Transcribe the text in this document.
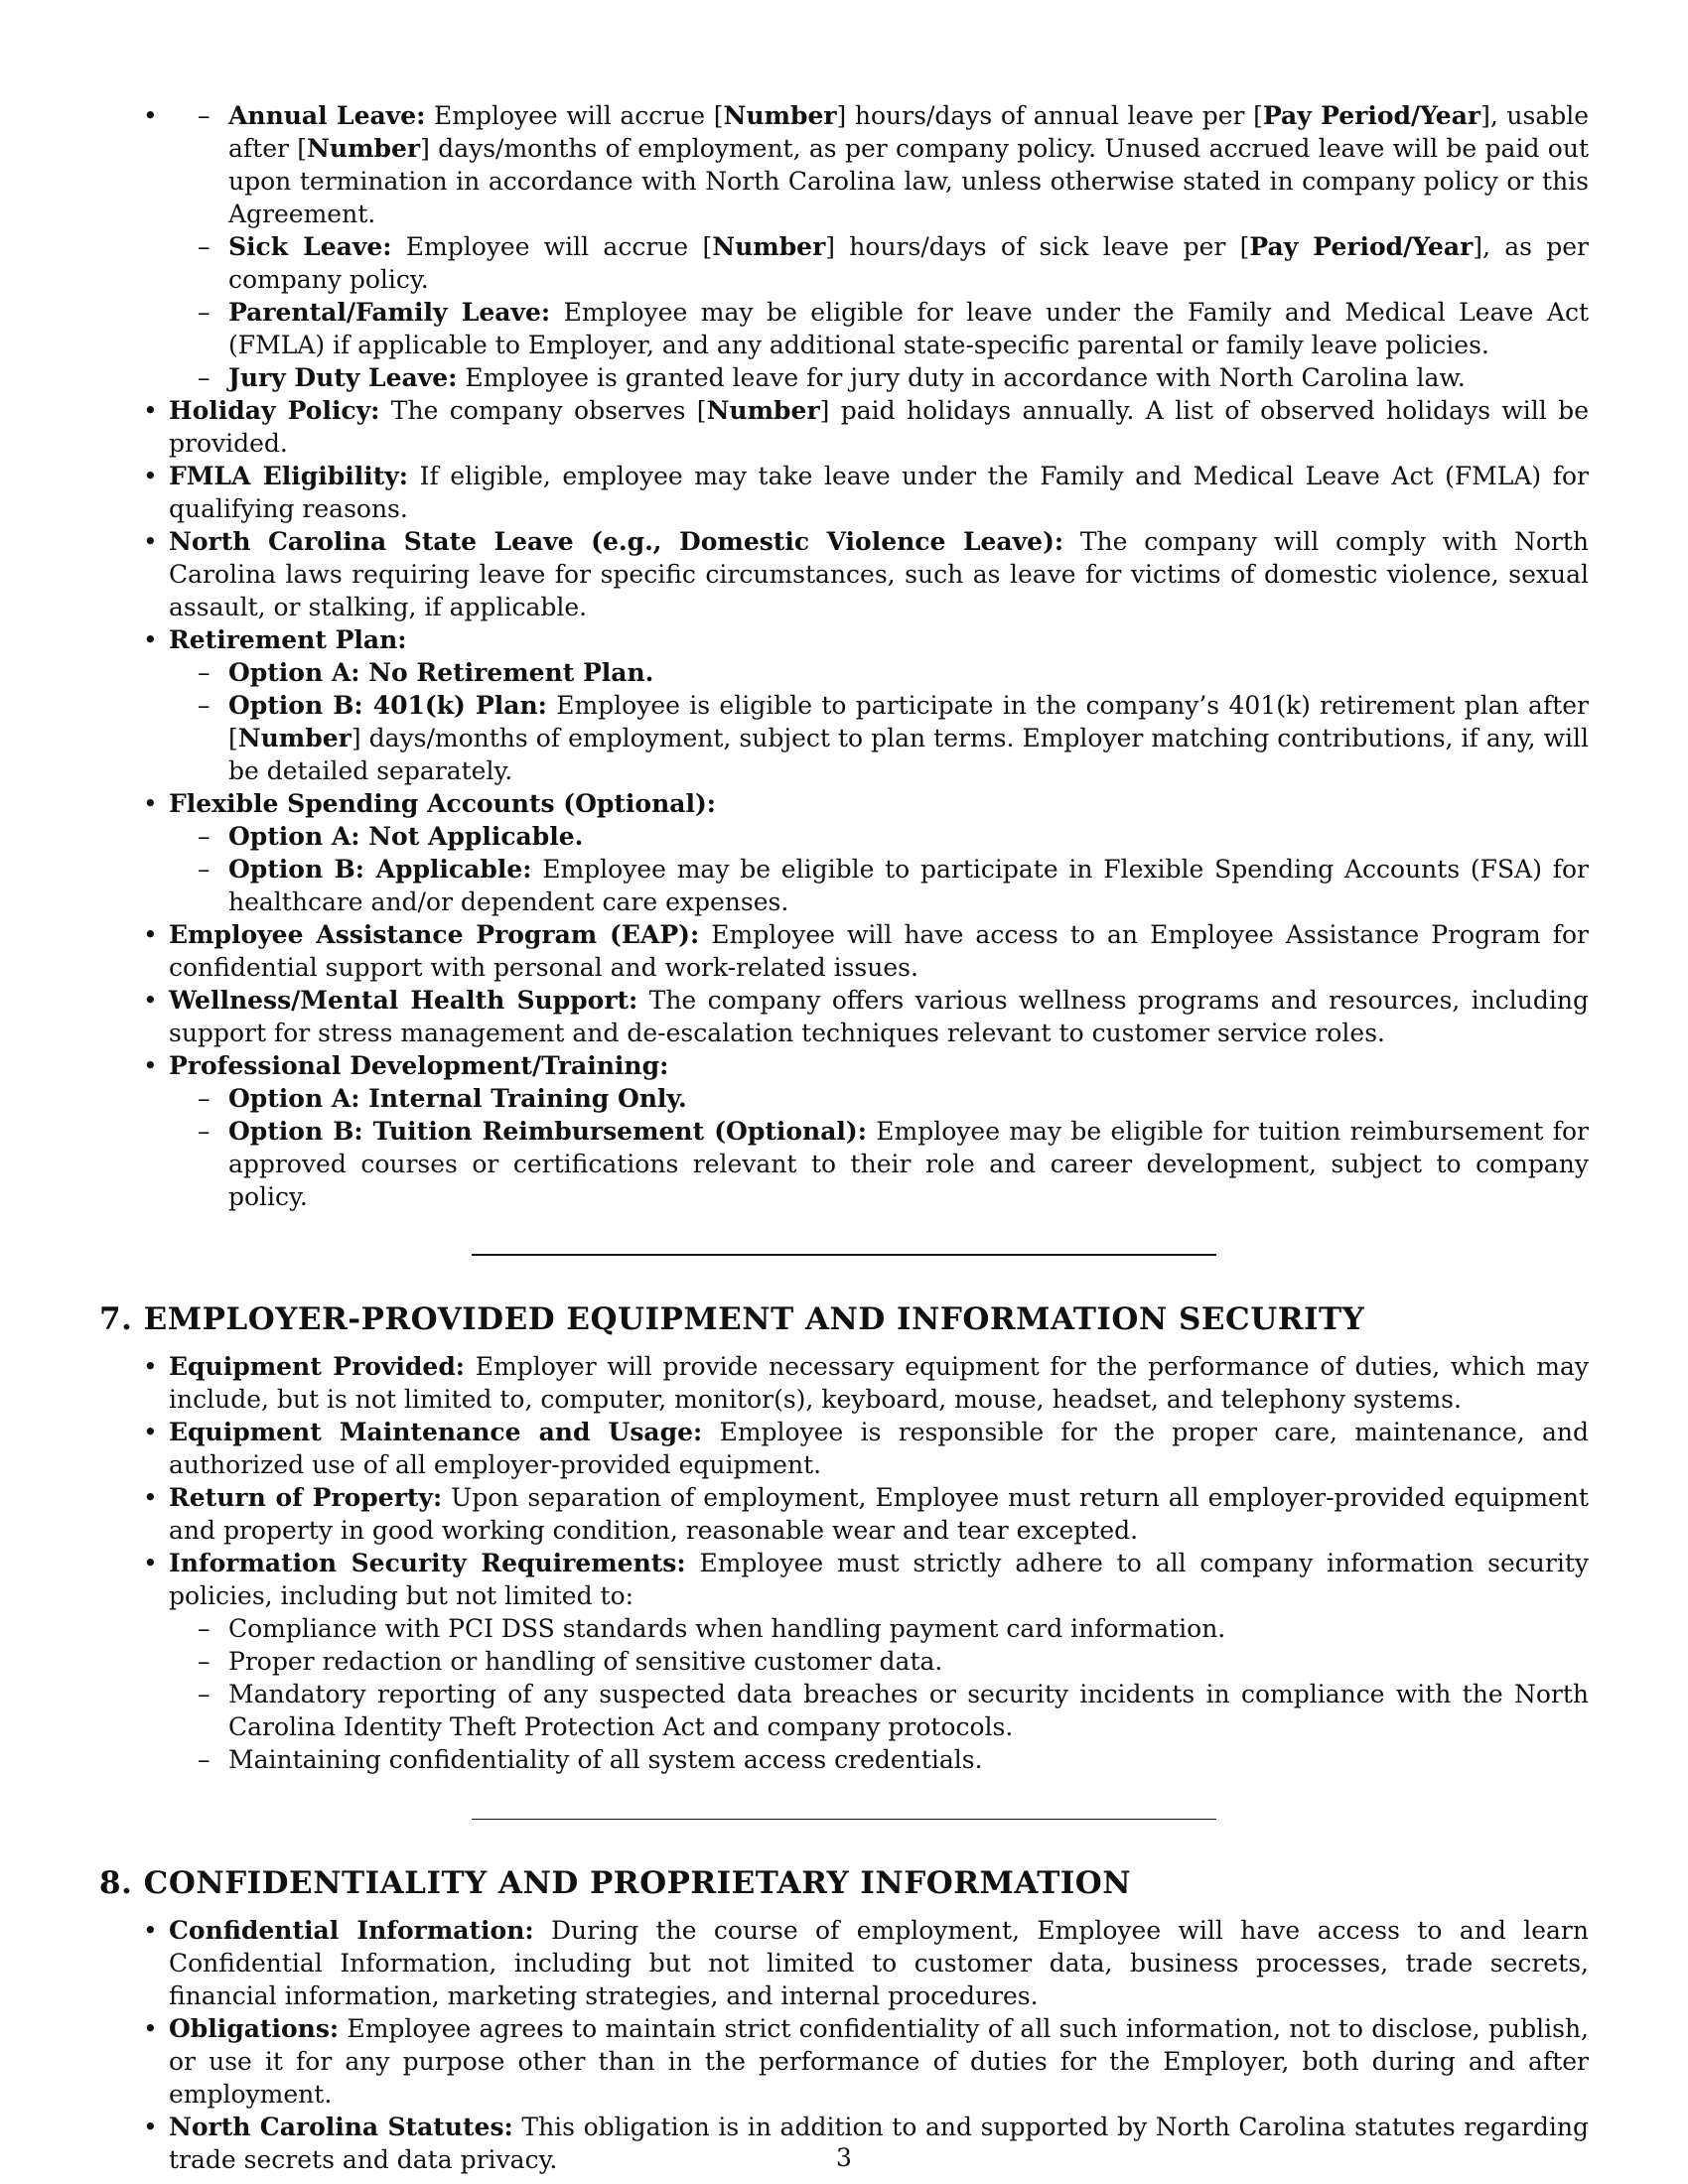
– • Annual Leave: Employee will accrue [Number] hours/days of annual leave per [Pay Period/Year], usable after [Number] days/months of employment, as per company policy. Unused accrued leave will be paid out upon termination in accordance with North Carolina law, unless otherwise stated in company policy or this Agreement.
– Sick Leave: Employee will accrue [Number] hours/days of sick leave per [Pay Period/Year], as per company policy.
– Parental/Family Leave: Employee may be eligible for leave under the Family and Medical Leave Act (FMLA) if applicable to Employer, and any additional state-specific parental or family leave policies.
– Jury Duty Leave: Employee is granted leave for jury duty in accordance with North Carolina law.
• Holiday Policy: The company observes [Number] paid holidays annually. A list of observed holidays will be provided.
• FMLA Eligibility: If eligible, employee may take leave under the Family and Medical Leave Act (FMLA) for qualifying reasons.
• North Carolina State Leave (e.g., Domestic Violence Leave): The company will comply with North Carolina laws requiring leave for specific circumstances, such as leave for victims of domestic violence, sexual assault, or stalking, if applicable.
• Retirement Plan:
– Option A: No Retirement Plan.
– Option B: 401(k) Plan: Employee is eligible to participate in the company’s 401(k) retirement plan after [Number] days/months of employment, subject to plan terms. Employer matching contributions, if any, will be detailed separately.
• Flexible Spending Accounts (Optional):
– Option A: Not Applicable.
– Option B: Applicable: Employee may be eligible to participate in Flexible Spending Accounts (FSA) for healthcare and/or dependent care expenses.
• Employee Assistance Program (EAP): Employee will have access to an Employee Assistance Program for confidential support with personal and work-related issues.
• Wellness/Mental Health Support: The company offers various wellness programs and resources, including support for stress management and de-escalation techniques relevant to customer service roles.
• Professional Development/Training:
– Option A: Internal Training Only.
– Option B: Tuition Reimbursement (Optional): Employee may be eligible for tuition reimbursement for approved courses or certifications relevant to their role and career development, subject to company policy.
7. EMPLOYER-PROVIDED EQUIPMENT AND INFORMATION SECURITY
• Equipment Provided: Employer will provide necessary equipment for the performance of duties, which may include, but is not limited to, computer, monitor(s), keyboard, mouse, headset, and telephony systems.
• Equipment Maintenance and Usage: Employee is responsible for the proper care, maintenance, and authorized use of all employer-provided equipment.
• Return of Property: Upon separation of employment, Employee must return all employer-provided equipment and property in good working condition, reasonable wear and tear excepted.
• Information Security Requirements: Employee must strictly adhere to all company information security policies, including but not limited to:
– Compliance with PCI DSS standards when handling payment card information.
– Proper redaction or handling of sensitive customer data.
– Mandatory reporting of any suspected data breaches or security incidents in compliance with the North Carolina Identity Theft Protection Act and company protocols.
– Maintaining confidentiality of all system access credentials.
8. CONFIDENTIALITY AND PROPRIETARY INFORMATION
• Confidential Information: During the course of employment, Employee will have access to and learn Confidential Information, including but not limited to customer data, business processes, trade secrets, financial information, marketing strategies, and internal procedures.
• Obligations: Employee agrees to maintain strict confidentiality of all such information, not to disclose, publish, or use it for any purpose other than in the performance of duties for the Employer, both during and after employment.
• North Carolina Statutes: This obligation is in addition to and supported by North Carolina statutes regarding trade secrets and data privacy.	3
